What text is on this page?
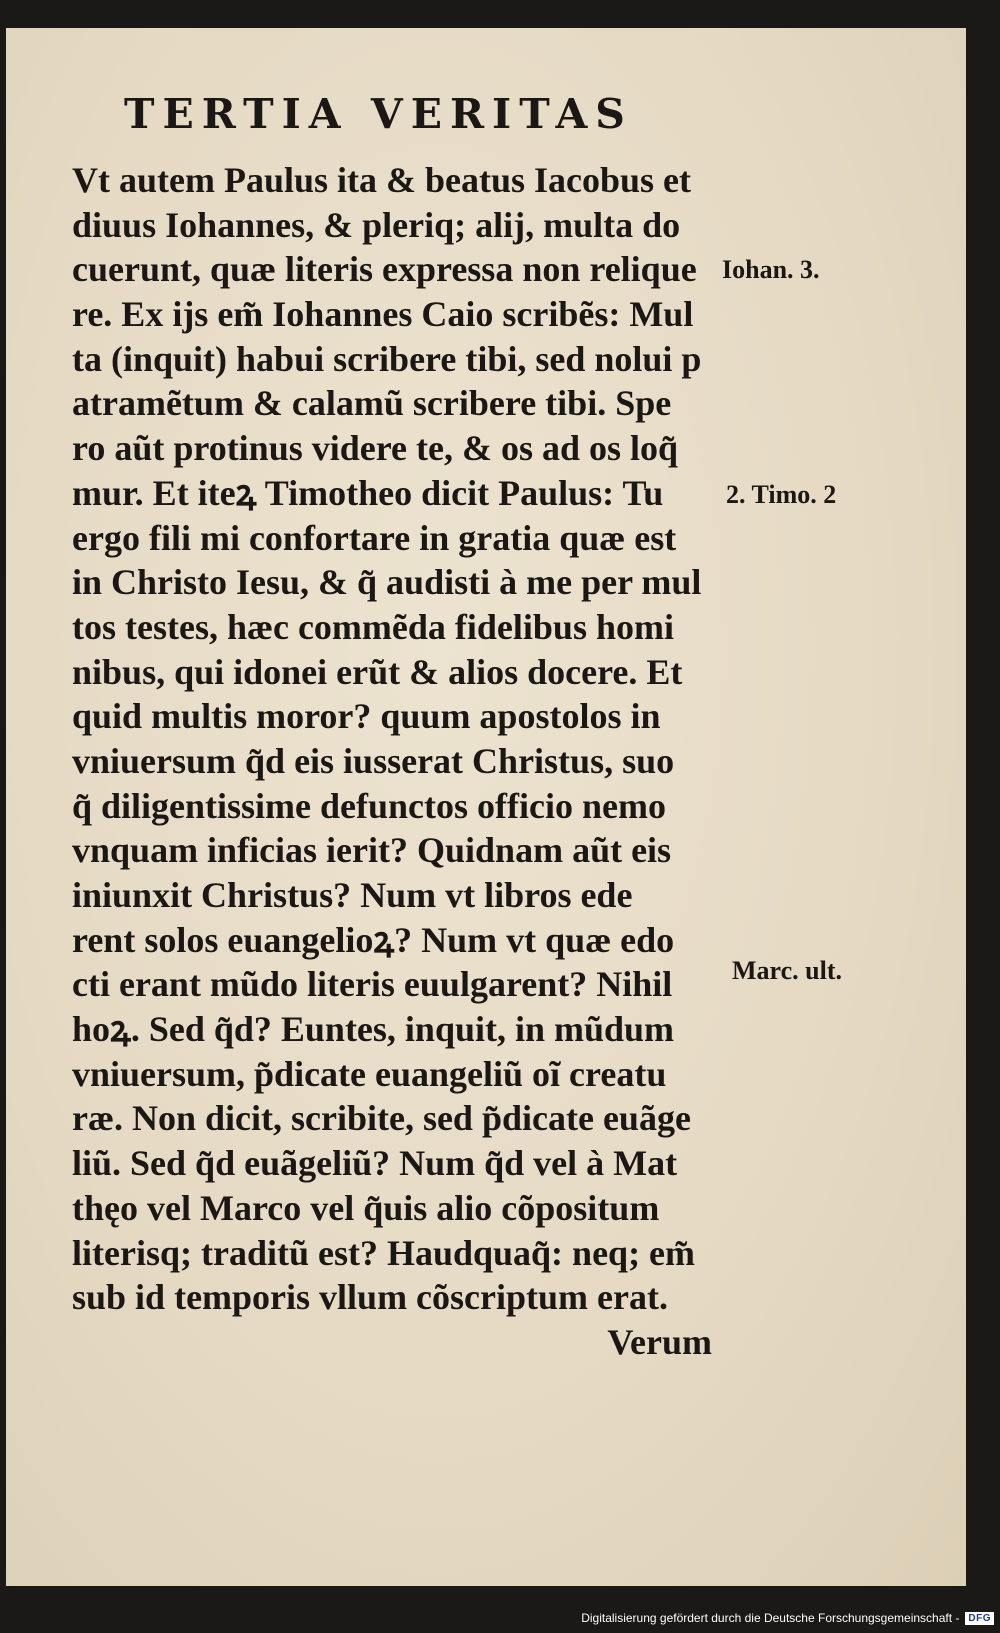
TERTIA VERITAS
Vt autem Paulus ita & beatus Iacobus et
diuus Iohannes, & pleriq; alij, multa do
cuerunt, quæ literis expressa non relique
re. Ex ijs em̃ Iohannes Caio scribẽs: Mul
ta (inquit) habui scribere tibi, sed nolui p
atramẽtum & calamũ scribere tibi. Spe
ro aũt protinus videre te, & os ad os loq̃
mur. Et iteꝝ Timotheo dicit Paulus: Tu
ergo fili mi confortare in gratia quæ est
in Christo Iesu, & q̃ audisti à me per mul
tos testes, hæc commẽda fidelibus homi
nibus, qui idonei erũt & alios docere. Et
quid multis moror? quum apostolos in
vniuersum q̃d eis iusserat Christus, suo
q̃ diligentissime defunctos officio nemo
vnquam inficias ierit? Quidnam aũt eis
iniunxit Christus? Num vt libros ede
rent solos euangelioꝝ? Num vt quæ edo
cti erant mũdo literis euulgarent? Nihil
hoꝝ. Sed q̃d? Euntes, inquit, in mũdum
vniuersum, p̃dicate euangeliũ oĩ creatu
ræ. Non dicit, scribite, sed p̃dicate euãge
liũ. Sed q̃d euãgeliũ? Num q̃d vel à Mat
thęo vel Marco vel q̃uis alio cõpositum
literisq; traditũ est? Haudquaq̃: neq; em̃
sub id temporis vllum cõscriptum erat.
Verum
Iohan. 3.
2. Timo. 2
Marc. ult.
Digitalisierung gefördert durch die Deutsche Forschungsgemeinschaft - DFG
